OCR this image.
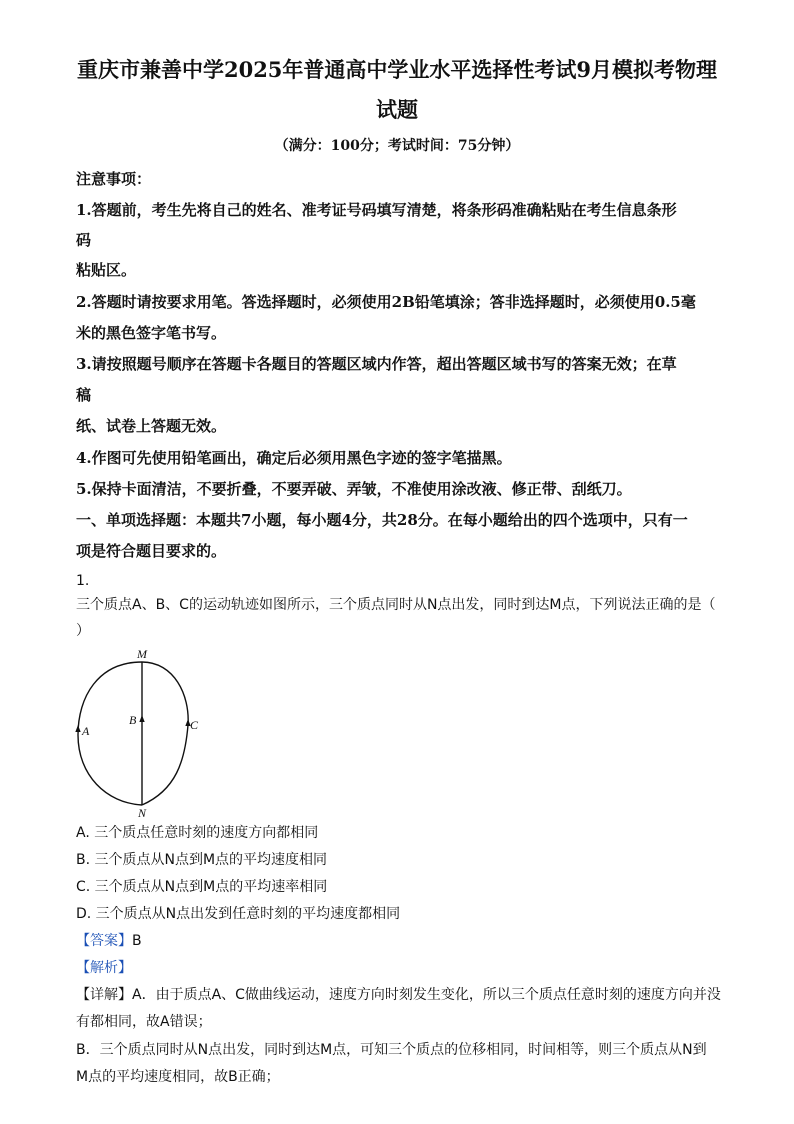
重庆市兼善中学2025年普通高中学业水平选择性考试9月模拟考物理
试题
（满分：100分；考试时间：75分钟）
注意事项：
1.答题前，考生先将自己的姓名、准考证号码填写清楚，将条形码准确粘贴在考生信息条形
码
粘贴区。
2.答题时请按要求用笔。答选择题时，必须使用2B铅笔填涂；答非选择题时，必须使用0.5毫
米的黑色签字笔书写。
3.请按照题号顺序在答题卡各题目的答题区域内作答，超出答题区域书写的答案无效；在草
稿
纸、试卷上答题无效。
4.作图可先使用铅笔画出，确定后必须用黑色字迹的签字笔描黑。
5.保持卡面清洁，不要折叠，不要弄破、弄皱，不准使用涂改液、修正带、刮纸刀。
一、单项选择题：本题共7小题，每小题4分，共28分。在每小题给出的四个选项中，只有一
项是符合题目要求的。
1.
三个质点A、B、C的运动轨迹如图所示，三个质点同时从N点出发，同时到达M点，下列说法正确的是（
）
M
N
A
B	C
A. 三个质点任意时刻的速度方向都相同
B. 三个质点从N点到M点的平均速度相同
C. 三个质点从N点到M点的平均速率相同
D. 三个质点从N点出发到任意时刻的平均速度都相同
【答案】B
【解析】
【详解】A．由于质点A、C做曲线运动，速度方向时刻发生变化，所以三个质点任意时刻的速度方向并没
有都相同，故A错误；
B．三个质点同时从N点出发，同时到达M点，可知三个质点的位移相同，时间相等，则三个质点从N到
M点的平均速度相同，故B正确；
